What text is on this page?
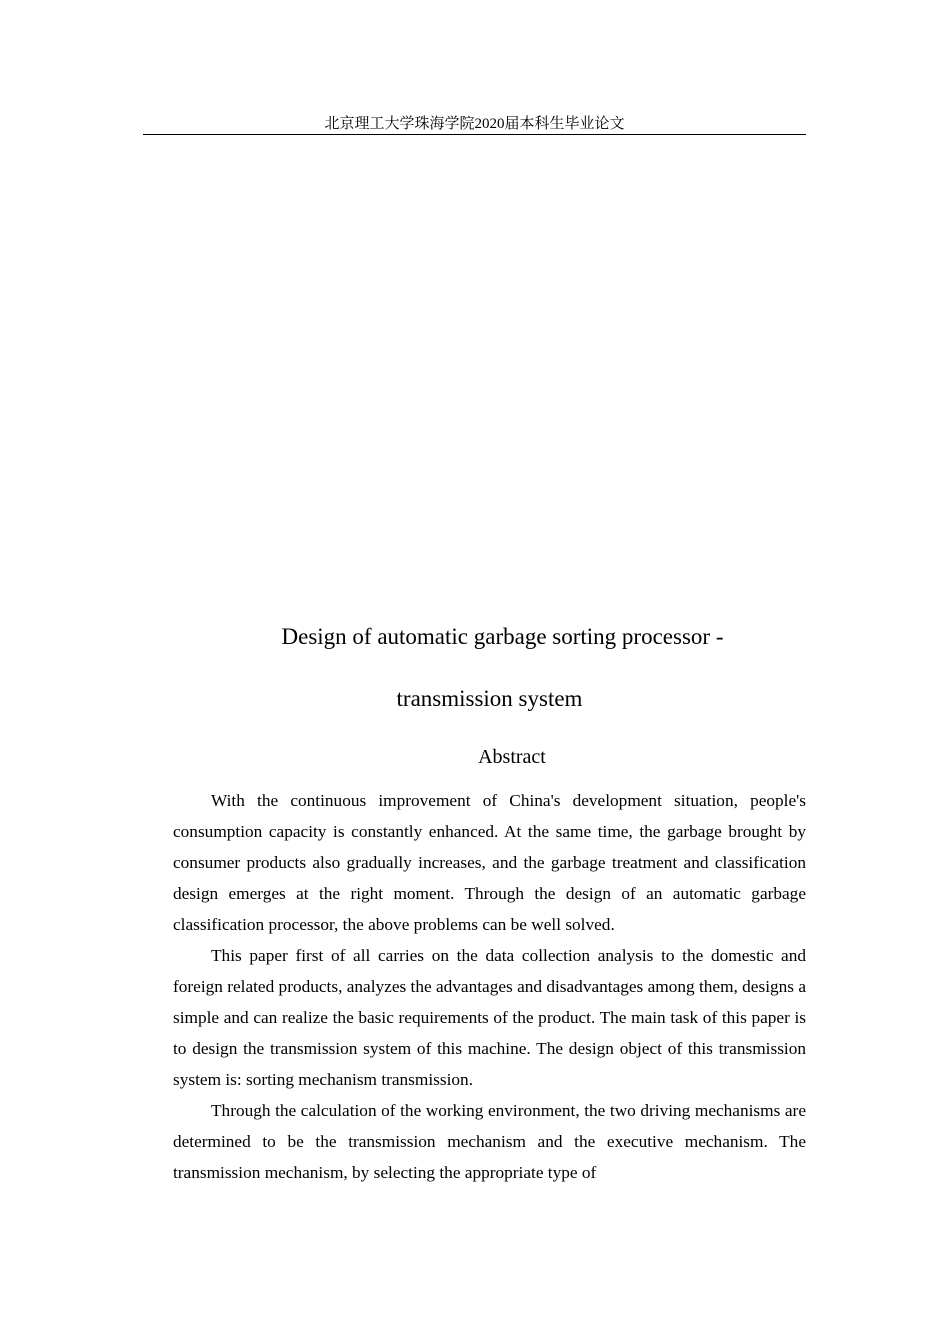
北京理工大学珠海学院2020届本科生毕业论文
Design of automatic garbage sorting processor -
transmission system
Abstract

With the continuous improvement of China's development situation, people's consumption capacity is constantly enhanced. At the same time, the garbage brought by consumer products also gradually increases, and the garbage treatment and classification design emerges at the right moment. Through the design of an automatic garbage classification processor, the above problems can be well solved.

This paper first of all carries on the data collection analysis to the domestic and foreign related products, analyzes the advantages and disadvantages among them, designs a simple and can realize the basic requirements of the product. The main task of this paper is to design the transmission system of this machine. The design object of this transmission system is: sorting mechanism transmission.

Through the calculation of the working environment, the two driving mechanisms are determined to be the transmission mechanism and the executive mechanism. The transmission mechanism, by selecting the appropriate type of
